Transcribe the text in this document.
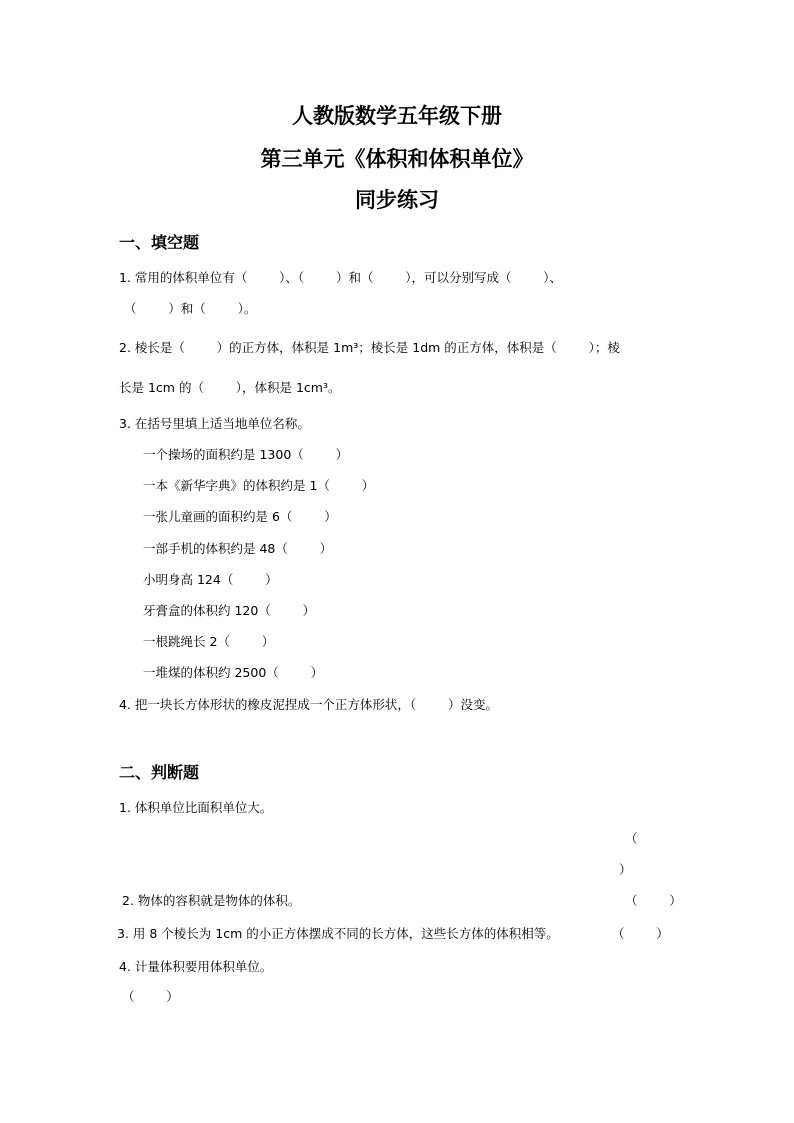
人教版数学五年级下册
第三单元《体积和体积单位》
同步练习
一、填空题
1. 常用的体积单位有（        ）、（        ）和（        ），可以分别写成（        ）、
（        ）和（        ）。
2. 棱长是（        ）的正方体，体积是 1m³；棱长是 1dm 的正方体，体积是（        ）；棱
长是 1cm 的（        ），体积是 1cm³。
3. 在括号里填上适当地单位名称。
一个操场的面积约是 1300（        ）
一本《新华字典》的体积约是 1（        ）
一张儿童画的面积约是 6（        ）
一部手机的体积约是 48（        ）
小明身高 124（        ）
牙膏盒的体积约 120（        ）
一根跳绳长 2（        ）
一堆煤的体积约 2500（        ）
4. 把一块长方体形状的橡皮泥捏成一个正方体形状，（        ）没变。
二、判断题
1. 体积单位比面积单位大。
（
）
2. 物体的容积就是物体的体积。	（        ）
3. 用 8 个棱长为 1cm 的小正方体摆成不同的长方体，这些长方体的体积相等。	（        ）
4. 计量体积要用体积单位。
（        ）
